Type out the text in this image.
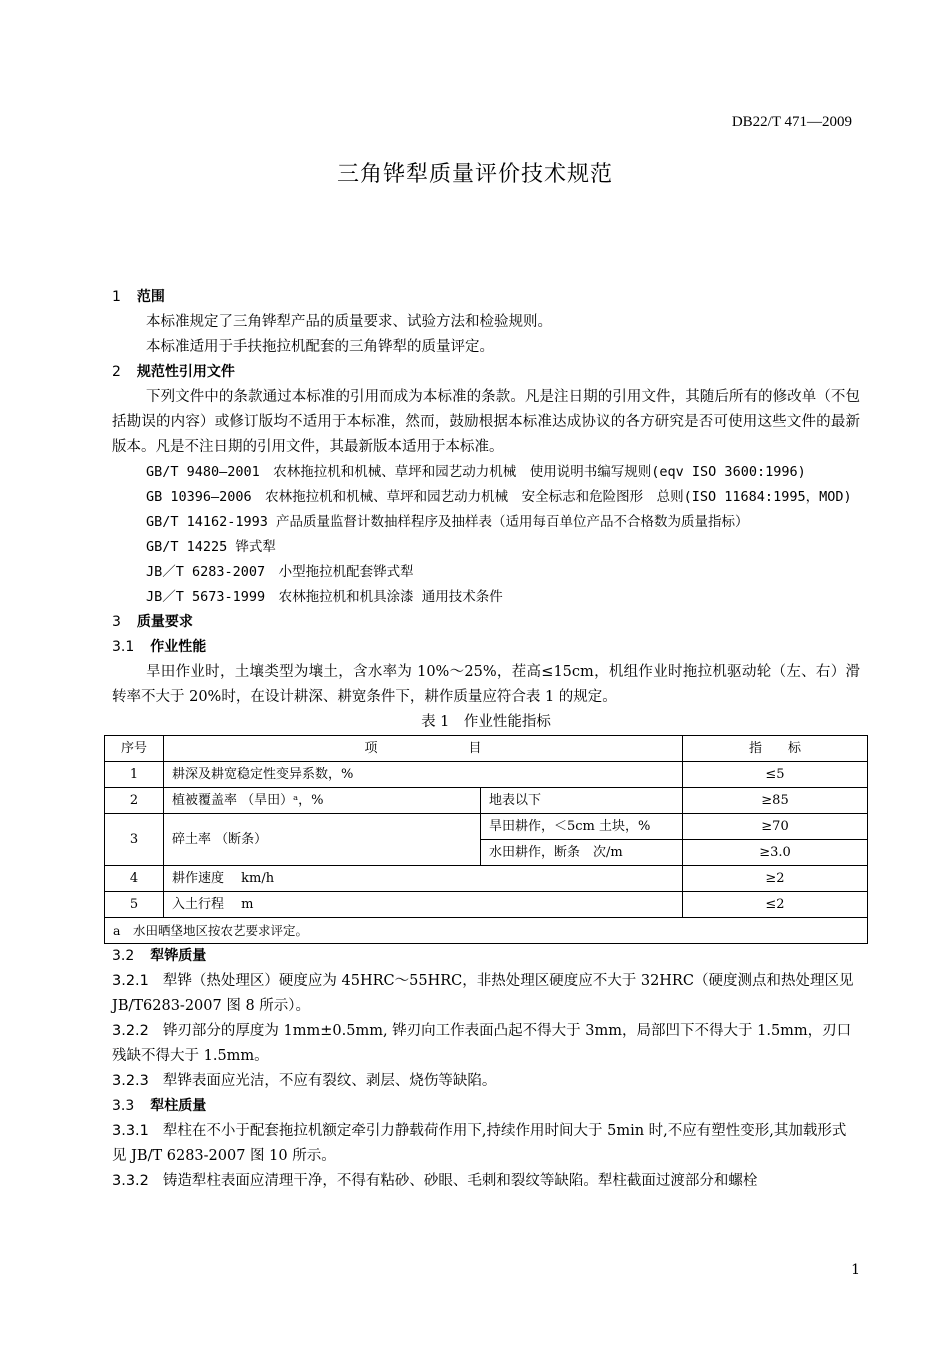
DB22/T 471—2009
三角铧犁质量评价技术规范
1 范围
本标准规定了三角铧犁产品的质量要求、试验方法和检验规则。
本标准适用于手扶拖拉机配套的三角铧犁的质量评定。
2 规范性引用文件
下列文件中的条款通过本标准的引用而成为本标准的条款。凡是注日期的引用文件，其随后所有的修改单（不包括勘误的内容）或修订版均不适用于本标准，然而，鼓励根据本标准达成协议的各方研究是否可使用这些文件的最新版本。凡是不注日期的引用文件，其最新版本适用于本标准。
GB/T 9480—2001　农林拖拉机和机械、草坪和园艺动力机械　使用说明书编写规则(eqv ISO 3600:1996)
GB 10396—2006　农林拖拉机和机械、草坪和园艺动力机械　安全标志和危险图形　总则(ISO 11684:1995，MOD)
GB/T 14162-1993 产品质量监督计数抽样程序及抽样表（适用每百单位产品不合格数为质量指标）
GB/T 14225 铧式犁
JB／T 6283-2007　小型拖拉机配套铧式犁
JB／T 5673-1999　农林拖拉机和机具涂漆 通用技术条件
3 质量要求
3.1 作业性能
旱田作业时，土壤类型为壤土，含水率为 10%～25%，茬高≤15cm，机组作业时拖拉机驱动轮（左、右）滑转率不大于 20%时，在设计耕深、耕宽条件下，耕作质量应符合表 1 的规定。
表 1　作业性能指标
序号	项　　　　　　　目		指　　标
1	耕深及耕宽稳定性变异系数，%		≤5
2	植被覆盖率 （旱田）ᵃ，%	地表以下	≥85
3	碎土率 （断条）	旱田耕作，＜5cm 土块，%	≥70
		水田耕作，断条　次/m	≥3.0
4	耕作速度　 km/h		≥2
5	入土行程　 m		≤2
a　水田晒垡地区按农艺要求评定。			
3.2 犁铧质量
3.2.1 犁铧（热处理区）硬度应为 45HRC～55HRC，非热处理区硬度应不大于 32HRC（硬度测点和热处理区见 JB/T6283-2007 图 8 所示）。
3.2.2 铧刃部分的厚度为 1mm±0.5mm, 铧刃向工作表面凸起不得大于 3mm，局部凹下不得大于 1.5mm，刃口残缺不得大于 1.5mm。
3.2.3 犁铧表面应光洁，不应有裂纹、剥层、烧伤等缺陷。
3.3 犁柱质量
3.3.1 犁柱在不小于配套拖拉机额定牵引力静载荷作用下,持续作用时间大于 5min 时,不应有塑性变形,其加载形式见 JB/T 6283-2007 图 10 所示。
3.3.2 铸造犁柱表面应清理干净，不得有粘砂、砂眼、毛刺和裂纹等缺陷。犁柱截面过渡部分和螺栓
1
